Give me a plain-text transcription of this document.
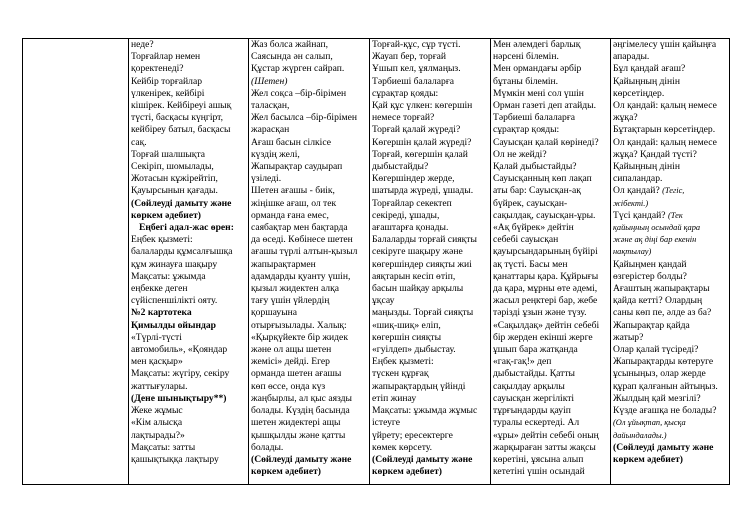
неде?
Торғайлар немен
қоректенеді?
Кейбір торғайлар
үлкенірек, кейбірі
кішірек. Кейбіреуі ашық
түсті, басқасы күңгірт,
кейбіреу батыл, басқасы
сақ.
Торғай шалшықта
Секіріп, шомылады,
Жотасын кұжірейтіп,
Қауырсынын қағады.
(Сөйлеуді дамыту және
көркем әдебиет)
Еңбегі адал-жас өрен:
Еңбек қызметі:
балаларды құмсалғышқа
құм жинауға шақыру
Мақсаты: ұжымда
еңбекке деген
сүйіспеншілікті ояту.
№2 картотека
Қимылды ойындар
«Түрлі-түсті
автомобиль», «Қояндар
мен қасқыр»
Мақсаты: жүгіру, секіру
жаттығулары.
(Дене шынықтыру**)
Жеке жұмыс
«Кім алысқа
лақтырады?»
Мақсаты: затты
қашықтыққа лақтыру

Жаз болса жайнап,
Саясында ән салып,
Құстар жүрген сайрап.
(Шетен)
Жел соқса –бір-бірімен
таласқан,
Жел басылса –бір-бірімен
жарасқан
Ағаш басын сілкісе
күздің желі,
Жапырақтар саудырап
үзіледі.
Шетен ағашы - биік,
жіңішке ағаш, ол тек
орманда ғана емес,
саябақтар мен бақтарда
да өседі. Көбінесе шетен
ағашы түрлі алтын-қызыл
жапырақтармен
адамдарды қуанту үшін,
қызыл жидектен алқа
тағу үшін үйлердің
қоршауына
отырғызылады. Халық:
«Қырқүйекте бір жидек
және ол ащы шетен
жемісі» дейді. Егер
орманда шетен ағашы
көп өссе, онда күз
жаңбырлы, ал қыс аязды
болады. Күздің басында
шетен жидектері ащы
қышқылды және қатты
болады.
(Сөйлеуді дамыту және
көркем әдебиет)

Торғай-құс, сұр түсті.
Жауап бер, торғай
Ұшып кел, ұялмаңыз.
Тәрбиеші балаларға
сұрақтар қояды:
Қай құс үлкен: көгершін
немесе торғай?
Торғай қалай жүреді?
Көгершін қалай жүреді?
Торғай, көгершін қалай
дыбыстайды?
Көгершіндер жерде,
шатырда жүреді, ұшады.
Торғайлар секектеп
секіреді, ұшады,
ағаштарға қонады.
Балаларды торғай сияқты
секіруге шақыру және
көгершіндер сияқты жиі
аяқтарын кесіп өтіп,
басын шайқау арқылы
ұқсау
маңызды. Торғай сияқты
«шиқ-шиқ» еліп,
көгершін сияқты
«гуілдеп» дыбыстау.
Еңбек қызметі:
түскен құрғақ
жапырақтардың үйінді
етіп жинау
Мақсаты: ұжымда жұмыс
істеуге
үйрету; ересектерге
көмек көрсету.
(Сөйлеуді дамыту және
көркем әдебиет)

Мен әлемдегі барлық
нәрсені білемін.
Мен ормандағы әрбір
бұтаны білемін.
Мүмкін мені сол үшін
Орман газеті деп атайды.
Тәрбиеші балаларға
сұрақтар қояды:
Сауысқан қалай көрінеді?
Ол не жейді?
Қалай дыбыстайды?
Сауысқанның көп лақап
аты бар: Сауысқан-ақ
бүйрек, сауысқан-
сақылдақ, сауысқан-ұры.
«Ақ бүйрек» дейтін
себебі сауысқан
қауырсындарының бүйірі
ақ түсті. Басы мен
қанаттары қара. Құйрығы
да қара, мұрны өте әдемі,
жасыл реңктері бар, жебе
тәрізді ұзын және түзу.
«Сақылдақ» дейтін себебі
бір жерден екінші жерге
ұшып бара жатқанда
«гақ-гақ!» деп
дыбыстайды. Қатты
сақылдау арқылы
сауысқан жергілікті
тұрғындарды қауіп
туралы ескертеді. Ал
«ұры» дейтін себебі оның
жарқыраған затты жақсы
көретіні, ұясына алып
кететіні үшін осындай

әңгімелесу үшін қайыңға
апарады.
Бұл қандай ағаш?
Қайыңның дінін
көрсетіңдер.
Ол қандай: қалың немесе
жұқа?
Бұтақтарын көрсетіңдер.
Ол қандай: қалың немесе
жұқа? Қандай түсті?
Қайыңның дінін
сипаландар.
Ол қандай? (Тегіс,
жібекті.)
Түсі қандай? (Тек
қайыңның осындай қара
және ақ діңі бар екенін
нақтылау)
Қайыңмен қандай
өзгерістер болды?
Ағаштың жапырақтары
қайда кетті? Олардың
саны көп пе, әлде аз ба?
Жапырақтар қайда
жатыр?
Олар қалай түсіреді?
Жапырақтарды көтеруге
ұсыныңыз, олар жерде
құрап қалғанын айтыңыз.
Жылдың қай мезгілі?
Күзде ағашқа не болады?
(Ол ұйықтап, қысқа
дайындалады.)
(Сөйлеуді дамыту және
көркем әдебиет)
